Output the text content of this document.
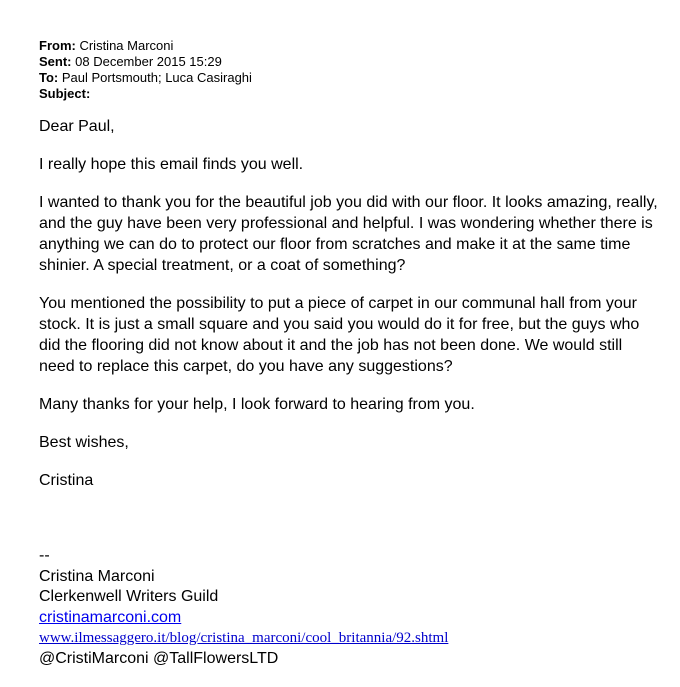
From: Cristina Marconi
Sent: 08 December 2015 15:29
To: Paul Portsmouth; Luca Casiraghi
Subject:

Dear Paul,

I really hope this email finds you well.

I wanted to thank you for the beautiful job you did with our floor. It looks amazing, really, and the guy have been very professional and helpful. I was wondering whether there is anything we can do to protect our floor from scratches and make it at the same time shinier. A special treatment, or a coat of something?

You mentioned the possibility to put a piece of carpet in our communal hall from your stock. It is just a small square and you said you would do it for free, but the guys who did the flooring did not know about it and the job has not been done. We would still need to replace this carpet, do you have any suggestions?

Many thanks for your help, I look forward to hearing from you.

Best wishes,

Cristina

--
Cristina Marconi
Clerkenwell Writers Guild
cristinamarconi.com
www.ilmessaggero.it/blog/cristina_marconi/cool_britannia/92.shtml
@CristiMarconi @TallFlowersLTD
